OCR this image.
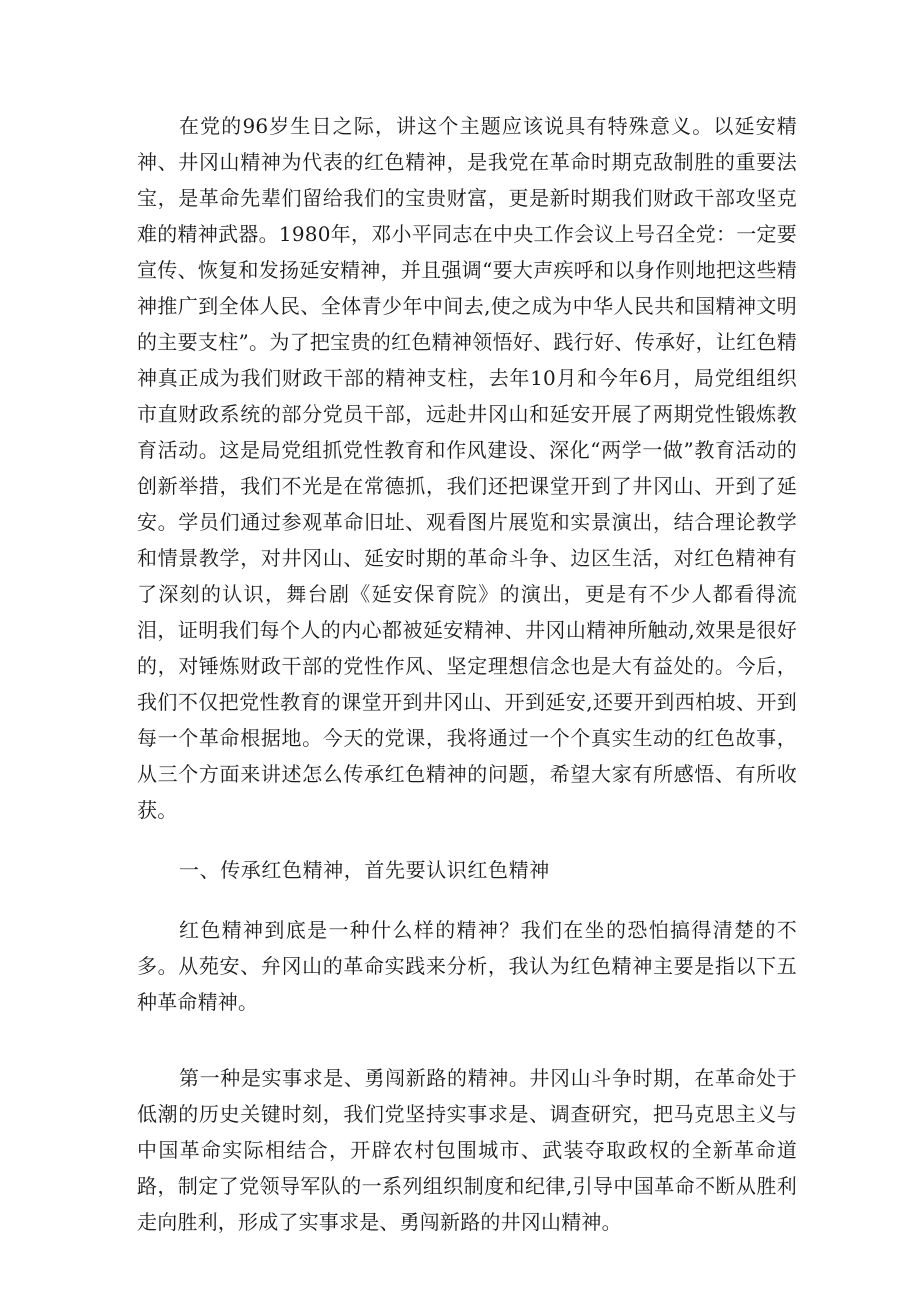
在党的96岁生日之际，讲这个主题应该说具有特殊意义。以延安精神、井冈山精神为代表的红色精神，是我党在革命时期克敌制胜的重要法宝，是革命先辈们留给我们的宝贵财富，更是新时期我们财政干部攻坚克难的精神武器。1980年，邓小平同志在中央工作会议上号召全党：一定要宣传、恢复和发扬延安精神，并且强调“要大声疾呼和以身作则地把这些精神推广到全体人民、全体青少年中间去,使之成为中华人民共和国精神文明的主要支柱”。为了把宝贵的红色精神领悟好、践行好、传承好，让红色精神真正成为我们财政干部的精神支柱，去年10月和今年6月，局党组组织市直财政系统的部分党员干部，远赴井冈山和延安开展了两期党性锻炼教育活动。这是局党组抓党性教育和作风建设、深化“两学一做”教育活动的创新举措，我们不光是在常德抓，我们还把课堂开到了井冈山、开到了延安。学员们通过参观革命旧址、观看图片展览和实景演出，结合理论教学和情景教学，对井冈山、延安时期的革命斗争、边区生活，对红色精神有了深刻的认识，舞台剧《延安保育院》的演出，更是有不少人都看得流泪，证明我们每个人的内心都被延安精神、井冈山精神所触动,效果是很好的，对锤炼财政干部的党性作风、坚定理想信念也是大有益处的。今后，我们不仅把党性教育的课堂开到井冈山、开到延安,还要开到西柏坡、开到每一个革命根据地。今天的党课，我将通过一个个真实生动的红色故事，从三个方面来讲述怎么传承红色精神的问题，希望大家有所感悟、有所收获。

一、传承红色精神，首先要认识红色精神

红色精神到底是一种什么样的精神？我们在坐的恐怕搞得清楚的不多。从苑安、弁冈山的革命实践来分析，我认为红色精神主要是指以下五种革命精神。

第一种是实事求是、勇闯新路的精神。井冈山斗争时期，在革命处于低潮的历史关键时刻，我们党坚持实事求是、调查研究，把马克思主义与中国革命实际相结合，开辟农村包围城市、武装夺取政权的全新革命道路，制定了党领导军队的一系列组织制度和纪律,引导中国革命不断从胜利走向胜利，形成了实事求是、勇闯新路的井冈山精神。
